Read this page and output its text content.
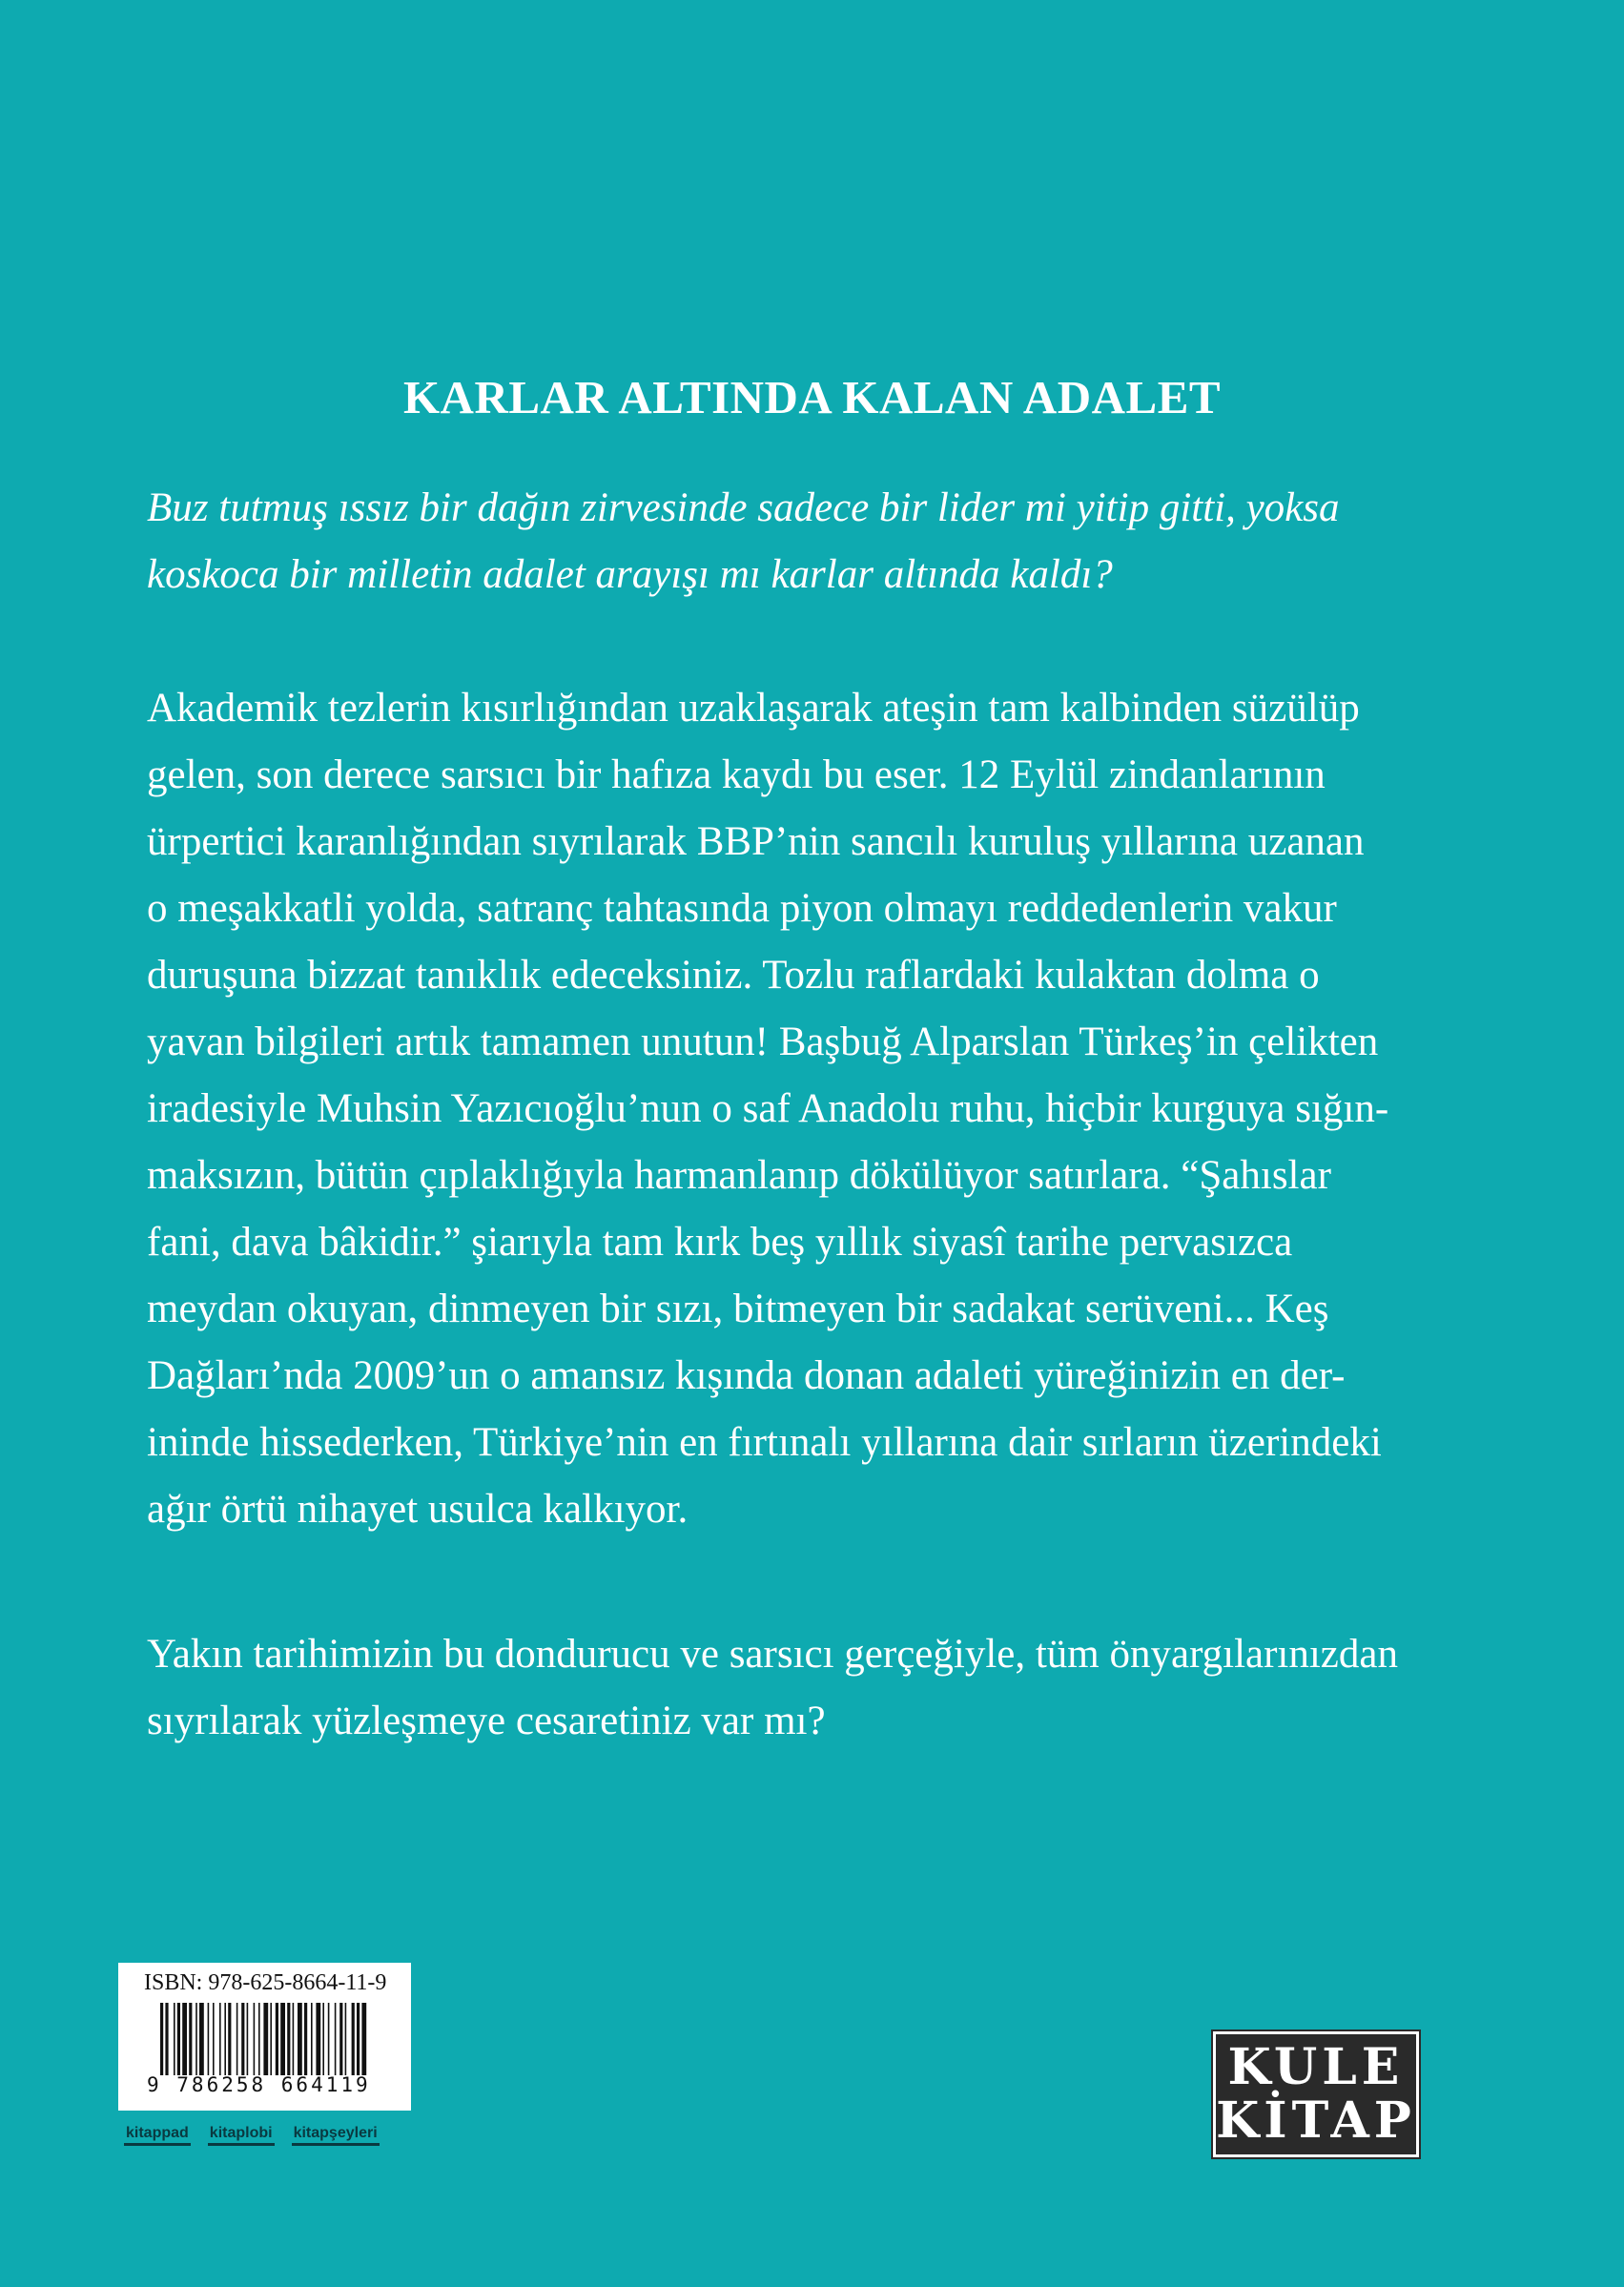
KARLAR ALTINDA KALAN ADALET

Buz tutmuş ıssız bir dağın zirvesinde sadece bir lider mi yitip gitti, yoksa
koskoca bir milletin adalet arayışı mı karlar altında kaldı?

Akademik tezlerin kısırlığından uzaklaşarak ateşin tam kalbinden süzülüp
gelen, son derece sarsıcı bir hafıza kaydı bu eser. 12 Eylül zindanlarının
ürpertici karanlığından sıyrılarak BBP’nin sancılı kuruluş yıllarına uzanan
o meşakkatli yolda, satranç tahtasında piyon olmayı reddedenlerin vakur
duruşuna bizzat tanıklık edeceksiniz. Tozlu raflardaki kulaktan dolma o
yavan bilgileri artık tamamen unutun! Başbuğ Alparslan Türkeş’in çelikten
iradesiyle Muhsin Yazıcıoğlu’nun o saf Anadolu ruhu, hiçbir kurguya sığın-
maksızın, bütün çıplaklığıyla harmanlanıp dökülüyor satırlara. “Şahıslar
fani, dava bâkidir.” şiarıyla tam kırk beş yıllık siyasî tarihe pervasızca
meydan okuyan, dinmeyen bir sızı, bitmeyen bir sadakat serüveni... Keş
Dağları’nda 2009’un o amansız kışında donan adaleti yüreğinizin en der-
ininde hissederken, Türkiye’nin en fırtınalı yıllarına dair sırların üzerindeki
ağır örtü nihayet usulca kalkıyor.

Yakın tarihimizin bu dondurucu ve sarsıcı gerçeğiyle, tüm önyargılarınızdan
sıyrılarak yüzleşmeye cesaretiniz var mı?

ISBN: 978-625-8664-11-9
9 786258 664119
kitappad kitaplobi kitapşeyleri
KULE
KİTAP
